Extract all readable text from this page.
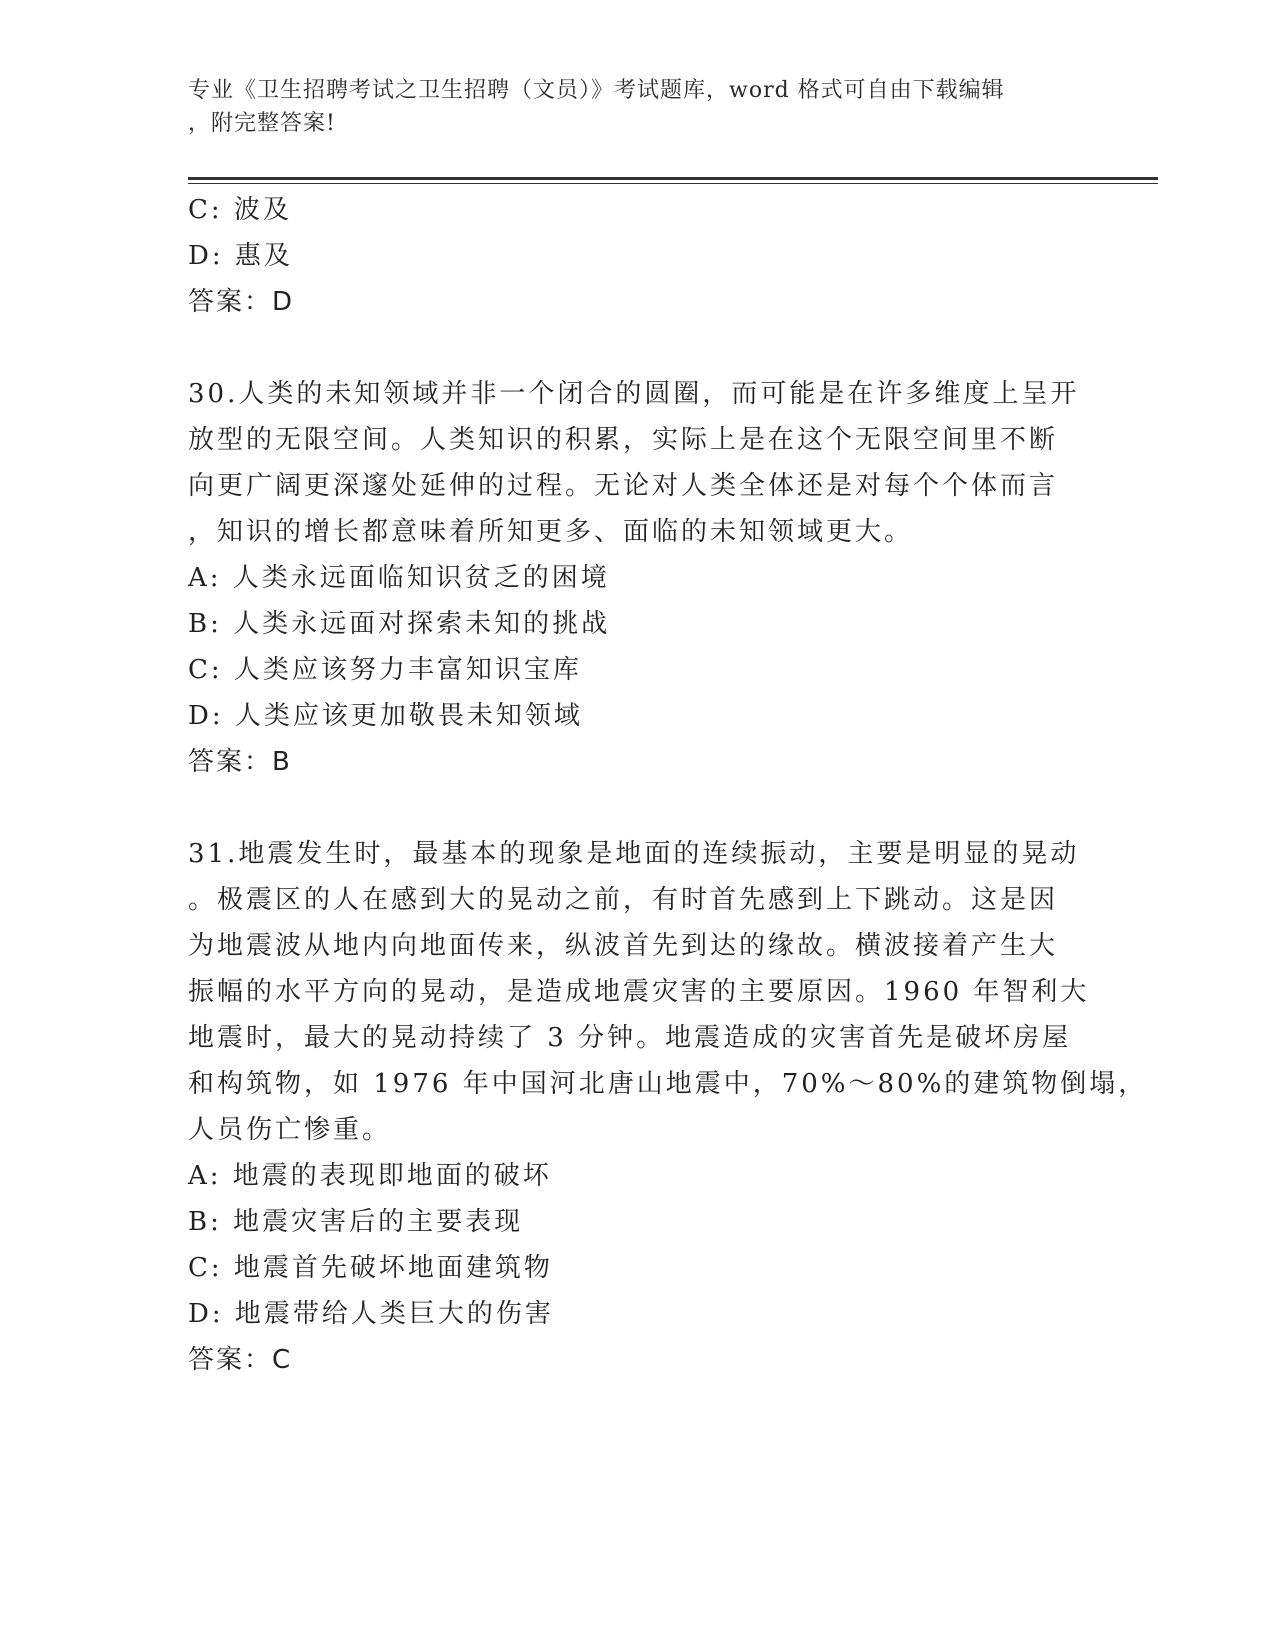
专业《卫生招聘考试之卫生招聘（文员）》考试题库，word 格式可自由下载编辑
，附完整答案!
C: 波及
D: 惠及
答案：D
30.人类的未知领域并非一个闭合的圆圈，而可能是在许多维度上呈开
放型的无限空间。人类知识的积累，实际上是在这个无限空间里不断
向更广阔更深邃处延伸的过程。无论对人类全体还是对每个个体而言
，知识的增长都意味着所知更多、面临的未知领域更大。
A: 人类永远面临知识贫乏的困境
B: 人类永远面对探索未知的挑战
C: 人类应该努力丰富知识宝库
D: 人类应该更加敬畏未知领域
答案：B
31.地震发生时，最基本的现象是地面的连续振动，主要是明显的晃动
。极震区的人在感到大的晃动之前，有时首先感到上下跳动。这是因
为地震波从地内向地面传来，纵波首先到达的缘故。横波接着产生大
振幅的水平方向的晃动，是造成地震灾害的主要原因。1960 年智利大
地震时，最大的晃动持续了 3 分钟。地震造成的灾害首先是破坏房屋
和构筑物，如 1976 年中国河北唐山地震中，70%～80%的建筑物倒塌，
人员伤亡惨重。
A: 地震的表现即地面的破坏
B: 地震灾害后的主要表现
C: 地震首先破坏地面建筑物
D: 地震带给人类巨大的伤害
答案：C
